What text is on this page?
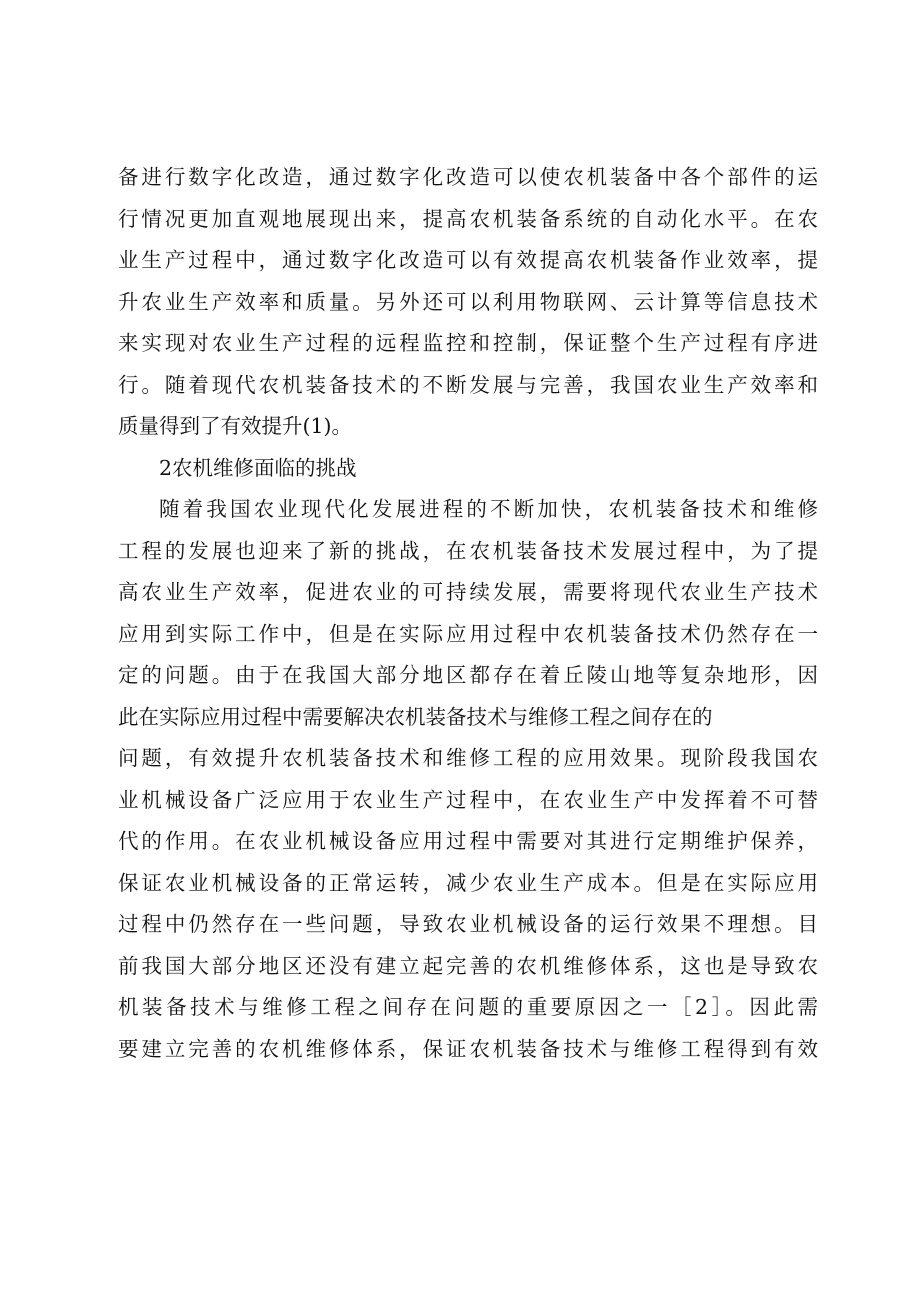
备进行数字化改造，通过数字化改造可以使农机装备中各个部件的运
行情况更加直观地展现出来，提高农机装备系统的自动化水平。在农
业生产过程中，通过数字化改造可以有效提高农机装备作业效率，提
升农业生产效率和质量。另外还可以利用物联网、云计算等信息技术
来实现对农业生产过程的远程监控和控制，保证整个生产过程有序进
行。随着现代农机装备技术的不断发展与完善，我国农业生产效率和
质量得到了有效提升(1)。
2农机维修面临的挑战
随着我国农业现代化发展进程的不断加快，农机装备技术和维修
工程的发展也迎来了新的挑战，在农机装备技术发展过程中，为了提
高农业生产效率，促进农业的可持续发展，需要将现代农业生产技术
应用到实际工作中，但是在实际应用过程中农机装备技术仍然存在一
定的问题。由于在我国大部分地区都存在着丘陵山地等复杂地形，因
此在实际应用过程中需要解决农机装备技术与维修工程之间存在的
问题，有效提升农机装备技术和维修工程的应用效果。现阶段我国农
业机械设备广泛应用于农业生产过程中，在农业生产中发挥着不可替
代的作用。在农业机械设备应用过程中需要对其进行定期维护保养，
保证农业机械设备的正常运转，减少农业生产成本。但是在实际应用
过程中仍然存在一些问题，导致农业机械设备的运行效果不理想。目
前我国大部分地区还没有建立起完善的农机维修体系，这也是导致农
机装备技术与维修工程之间存在问题的重要原因之一［2］。因此需
要建立完善的农机维修体系，保证农机装备技术与维修工程得到有效
